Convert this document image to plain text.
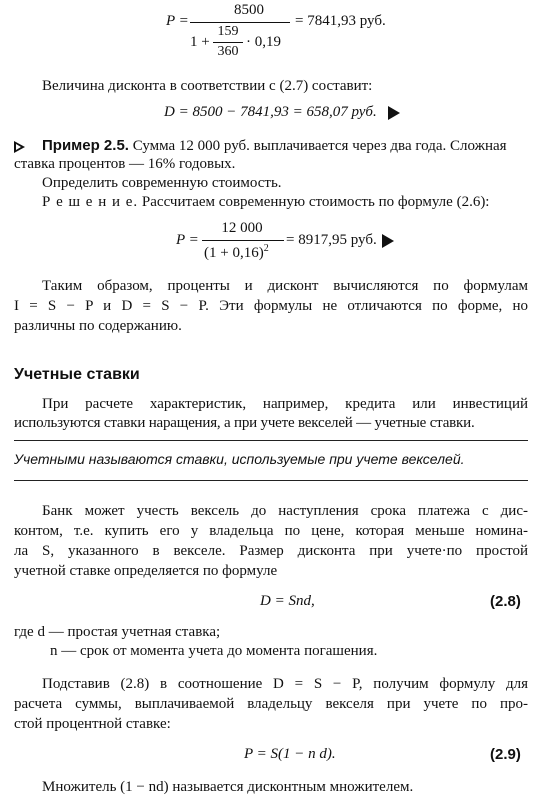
P =
8500
1 +
159
360
· 0,19
= 7841,93 руб.
Величина дисконта в соответствии с (2.7) составит:
D = 8500 − 7841,93 = 658,07 руб.
Пример 2.5. Сумма 12 000 руб. выплачивается через два года. Сложная
ставка процентов — 16% годовых.
Определить современную стоимость.
Р е ш е н и е. Рассчитаем современную стоимость по формуле (2.6):
P =
12 000
$(1 + 0,16)^2$
= 8917,95 руб.
Таким образом, проценты и дисконт вычисляются по формулам
I = S − P и D = S − P. Эти формулы не отличаются по форме, но
различны по содержанию.
Учетные ставки
При расчете характеристик, например, кредита или инвестиций
используются ставки наращения, а при учете векселей — учетные ставки.
Учетными называются ставки, используемые при учете векселей.
Банк может учесть вексель до наступления срока платежа с дис-
контом, т.е. купить его у владельца по цене, которая меньше номина-
ла S, указанного в векселе. Размер дисконта при учете·по простой
учетной ставке определяется по формуле
D = Snd,	(2.8)
где d — простая учетная ставка;
n — срок от момента учета до момента погашения.
Подставив (2.8) в соотношение D = S − P, получим формулу для
расчета суммы, выплачиваемой владельцу векселя при учете по про-
стой процентной ставке:
P = S(1 − n d).	(2.9)
Множитель (1 − nd) называется дисконтным множителем.
